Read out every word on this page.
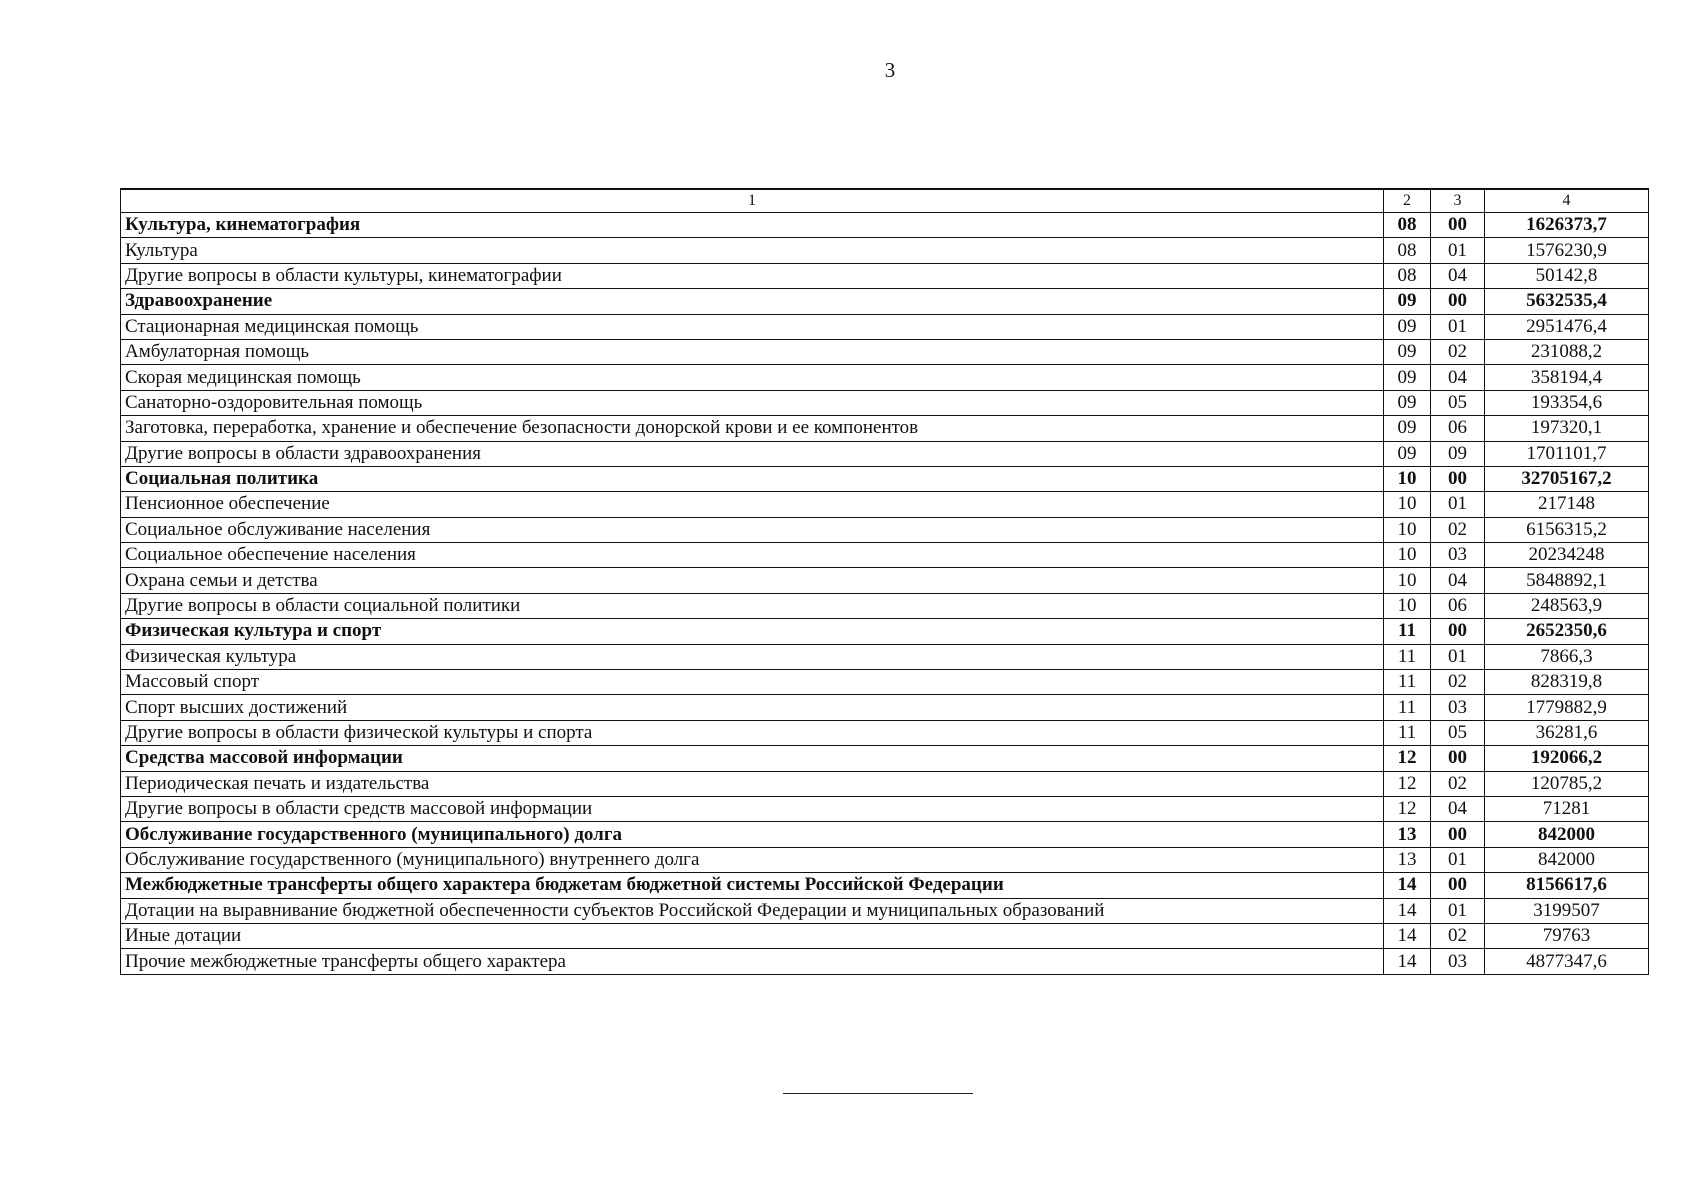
3
1	2	3	4
Культура, кинематография	08	00	1626373,7
Культура	08	01	1576230,9
Другие вопросы в области культуры, кинематографии	08	04	50142,8
Здравоохранение	09	00	5632535,4
Стационарная медицинская помощь	09	01	2951476,4
Амбулаторная помощь	09	02	231088,2
Скорая медицинская помощь	09	04	358194,4
Санаторно-оздоровительная помощь	09	05	193354,6
Заготовка, переработка, хранение и обеспечение безопасности донорской крови и ее компонентов	09	06	197320,1
Другие вопросы в области здравоохранения	09	09	1701101,7
Социальная политика	10	00	32705167,2
Пенсионное обеспечение	10	01	217148
Социальное обслуживание населения	10	02	6156315,2
Социальное обеспечение населения	10	03	20234248
Охрана семьи и детства	10	04	5848892,1
Другие вопросы в области социальной политики	10	06	248563,9
Физическая культура и спорт	11	00	2652350,6
Физическая культура	11	01	7866,3
Массовый спорт	11	02	828319,8
Спорт высших достижений	11	03	1779882,9
Другие вопросы в области физической культуры и спорта	11	05	36281,6
Средства массовой информации	12	00	192066,2
Периодическая печать и издательства	12	02	120785,2
Другие вопросы в области средств массовой информации	12	04	71281
Обслуживание государственного (муниципального) долга	13	00	842000
Обслуживание государственного (муниципального) внутреннего долга	13	01	842000
Межбюджетные трансферты общего характера бюджетам бюджетной системы Российской Федерации	14	00	8156617,6
Дотации на выравнивание бюджетной обеспеченности субъектов Российской Федерации и муниципальных образований	14	01	3199507
Иные дотации	14	02	79763
Прочие межбюджетные трансферты общего характера	14	03	4877347,6
